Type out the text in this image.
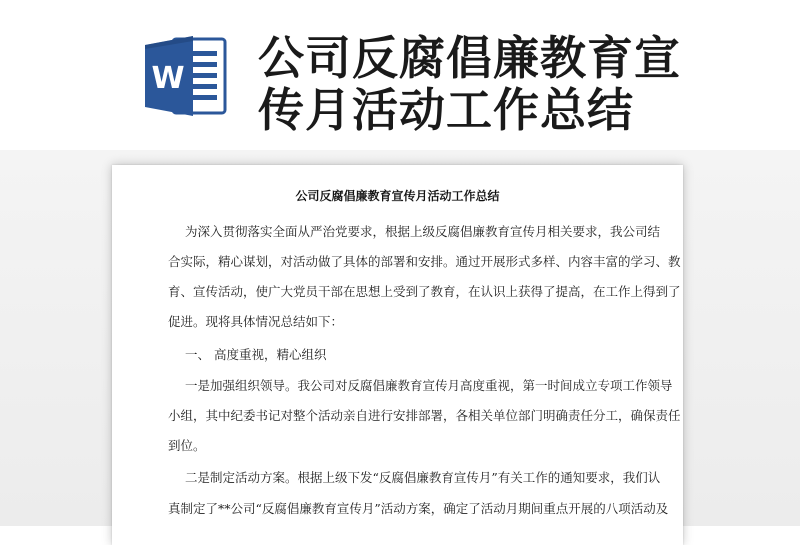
W 公司反腐倡廉教育宣
传月活动工作总结
公司反腐倡廉教育宣传月活动工作总结
为深入贯彻落实全面从严治党要求，根据上级反腐倡廉教育宣传月相关要求，我公司结
合实际，精心谋划，对活动做了具体的部署和安排。通过开展形式多样、内容丰富的学习、教
育、宣传活动，使广大党员干部在思想上受到了教育，在认识上获得了提高，在工作上得到了
促进。现将具体情况总结如下：
一、 高度重视，精心组织
一是加强组织领导。我公司对反腐倡廉教育宣传月高度重视，第一时间成立专项工作领导
小组，其中纪委书记对整个活动亲自进行安排部署，各相关单位部门明确责任分工，确保责任
到位。
二是制定活动方案。根据上级下发“反腐倡廉教育宣传月”有关工作的通知要求，我们认
真制定了**公司“反腐倡廉教育宣传月”活动方案，确定了活动月期间重点开展的八项活动及
